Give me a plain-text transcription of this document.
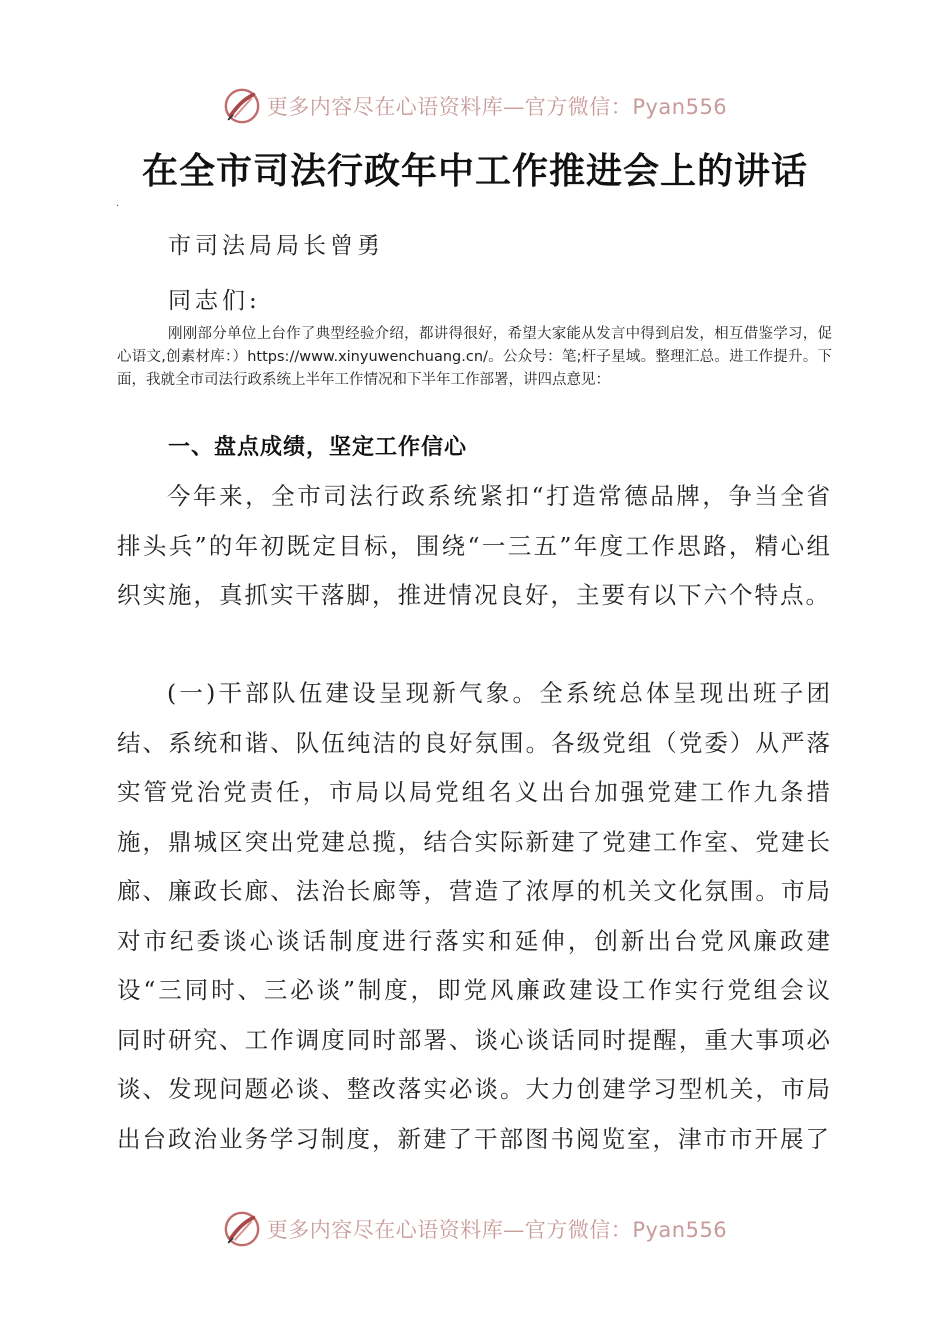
更多内容尽在心语资料库—官方微信：Pyan556
在全市司法行政年中工作推进会上的讲话
.
市司法局局长曾勇
同志们:

刚刚部分单位上台作了典型经验介绍，都讲得很好，希望大家能从发言中得到启发，相互借鉴学习，促心语文,创素材库：）https://www.xinyuwenchuang.cn/。公众号：笔;杆子星域。整理汇总。进工作提升。下面，我就全市司法行政系统上半年工作情况和下半年工作部署，讲四点意见：

一、盘点成绩，坚定工作信心

今年来，全市司法行政系统紧扣“打造常德品牌，争当全省排头兵”的年初既定目标，围绕“一三五”年度工作思路，精心组织实施，真抓实干落脚，推进情况良好，主要有以下六个特点。

(一)干部队伍建设呈现新气象。全系统总体呈现出班子团结、系统和谐、队伍纯洁的良好氛围。各级党组（党委）从严落实管党治党责任，市局以局党组名义出台加强党建工作九条措施，鼎城区突出党建总揽，结合实际新建了党建工作室、党建长廊、廉政长廊、法治长廊等，营造了浓厚的机关文化氛围。市局对市纪委谈心谈话制度进行落实和延伸，创新出台党风廉政建设“三同时、三必谈”制度，即党风廉政建设工作实行党组会议同时研究、工作调度同时部署、谈心谈话同时提醒，重大事项必谈、发现问题必谈、整改落实必谈。大力创建学习型机关，市局出台政治业务学习制度，新建了干部图书阅览室，津市市开展了

更多内容尽在心语资料库—官方微信：Pyan556
